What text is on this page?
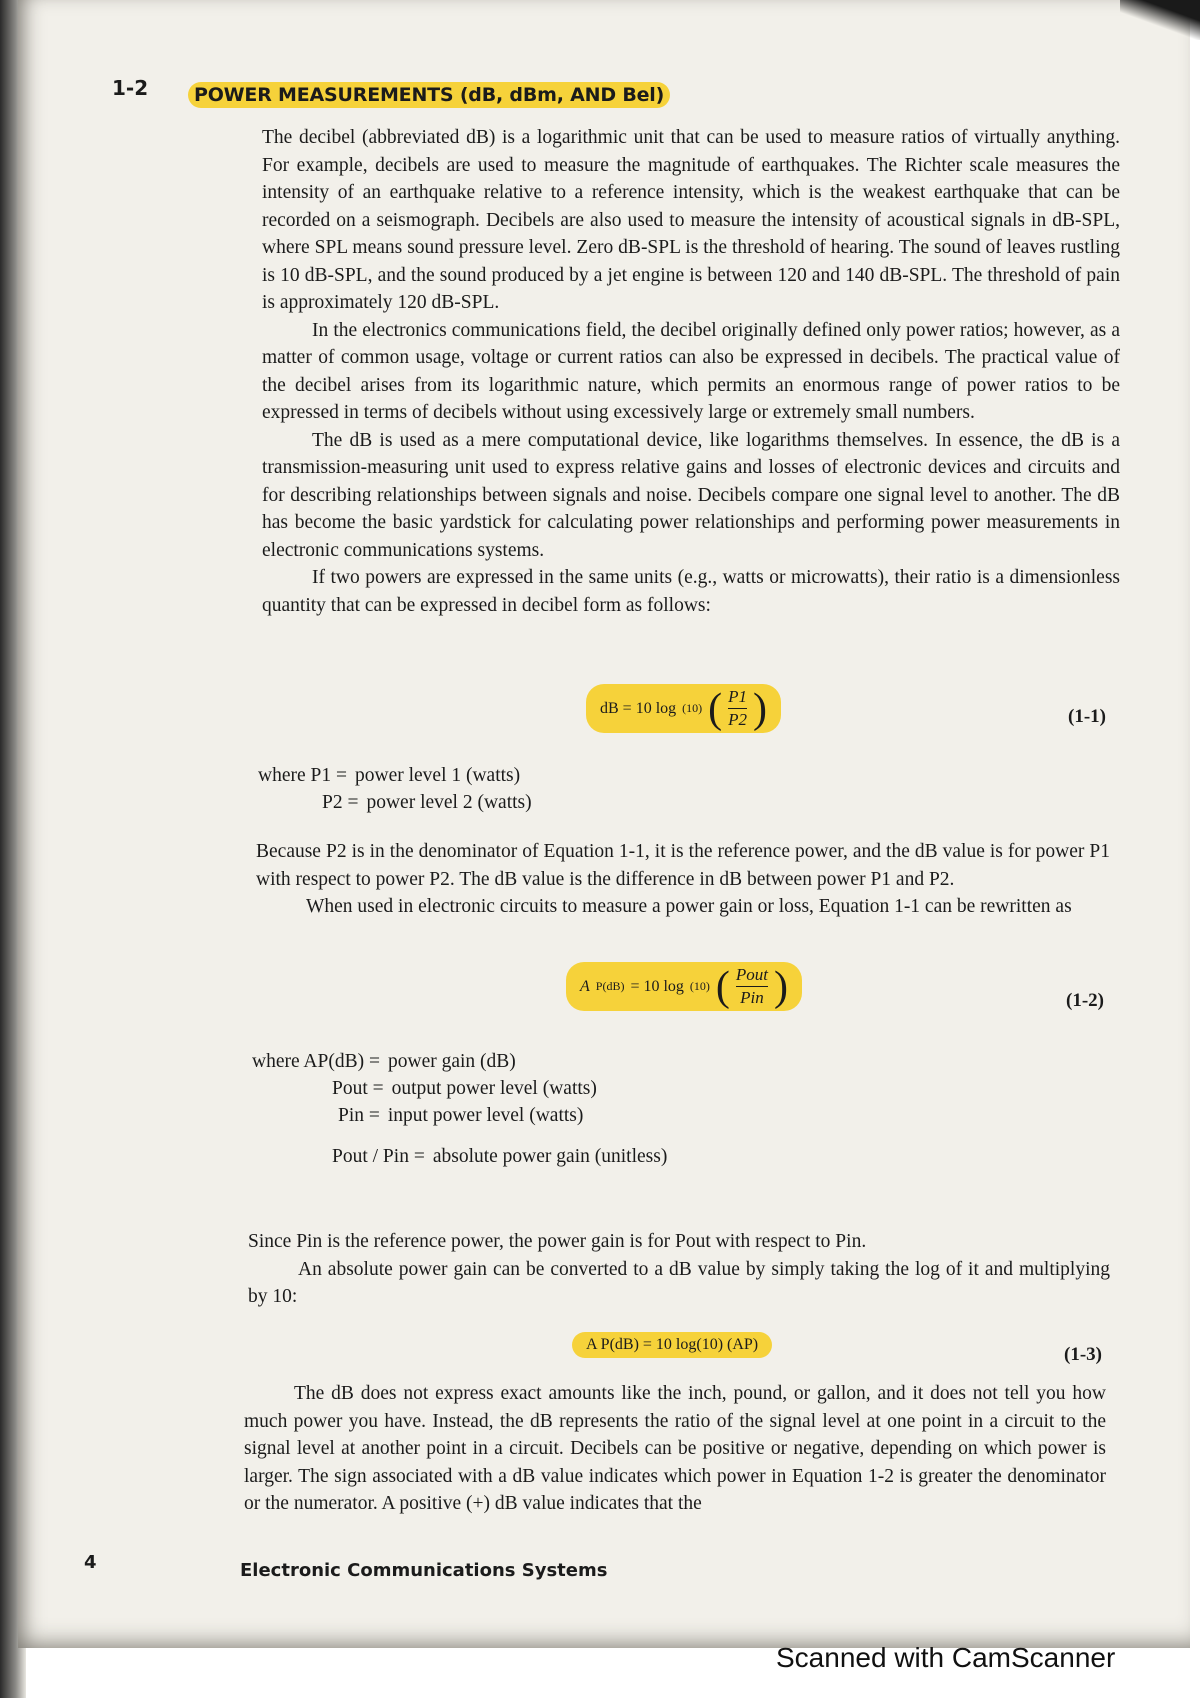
1-2	POWER MEASUREMENTS (dB, dBm, AND Bel)

The decibel (abbreviated dB) is a logarithmic unit that can be used to measure ratios of virtually anything. For example, decibels are used to measure the magnitude of earthquakes. The Richter scale measures the intensity of an earthquake relative to a reference intensity, which is the weakest earthquake that can be recorded on a seismograph. Decibels are also used to measure the intensity of acoustical signals in dB-SPL, where SPL means sound pressure level. Zero dB-SPL is the threshold of hearing. The sound of leaves rustling is 10 dB-SPL, and the sound produced by a jet engine is between 120 and 140 dB-SPL. The threshold of pain is approximately 120 dB-SPL.

In the electronics communications field, the decibel originally defined only power ratios; however, as a matter of common usage, voltage or current ratios can also be expressed in decibels. The practical value of the decibel arises from its logarithmic nature, which permits an enormous range of power ratios to be expressed in terms of decibels without using excessively large or extremely small numbers.

The dB is used as a mere computational device, like logarithms themselves. In essence, the dB is a transmission-measuring unit used to express relative gains and losses of electronic devices and circuits and for describing relationships between signals and noise. Decibels compare one signal level to another. The dB has become the basic yardstick for calculating power relationships and performing power measurements in electronic communications systems.

If two powers are expressed in the same units (e.g., watts or microwatts), their ratio is a dimensionless quantity that can be expressed in decibel form as follows:

dB = 10 log (10) ( $\frac{P1}{P2}$ )	(1-1)
where P1 = power level 1 (watts)
P2 = power level 2 (watts)

Because P2 is in the denominator of Equation 1-1, it is the reference power, and the dB value is for power P1 with respect to power P2. The dB value is the difference in dB between power P1 and P2.

When used in electronic circuits to measure a power gain or loss, Equation 1-1 can be rewritten as

A P(dB) = 10 log (10) ( $\frac{\text{Pout}}{\text{Pin}}$ )	(1-2)
where AP(dB) = power gain (dB)
Pout = output power level (watts)
Pin = input power level (watts)
Pout / Pin = absolute power gain (unitless)

Since Pin is the reference power, the power gain is for Pout with respect to Pin.

An absolute power gain can be converted to a dB value by simply taking the log of it and multiplying by 10:

A P(dB) = 10 log(10) (AP)	(1-3)

The dB does not express exact amounts like the inch, pound, or gallon, and it does not tell you how much power you have. Instead, the dB represents the ratio of the signal level at one point in a circuit to the signal level at another point in a circuit. Decibels can be positive or negative, depending on which power is larger. The sign associated with a dB value indicates which power in Equation 1-2 is greater the denominator or the numerator. A positive (+) dB value indicates that the

4	Electronic Communications Systems
Scanned with CamScanner
